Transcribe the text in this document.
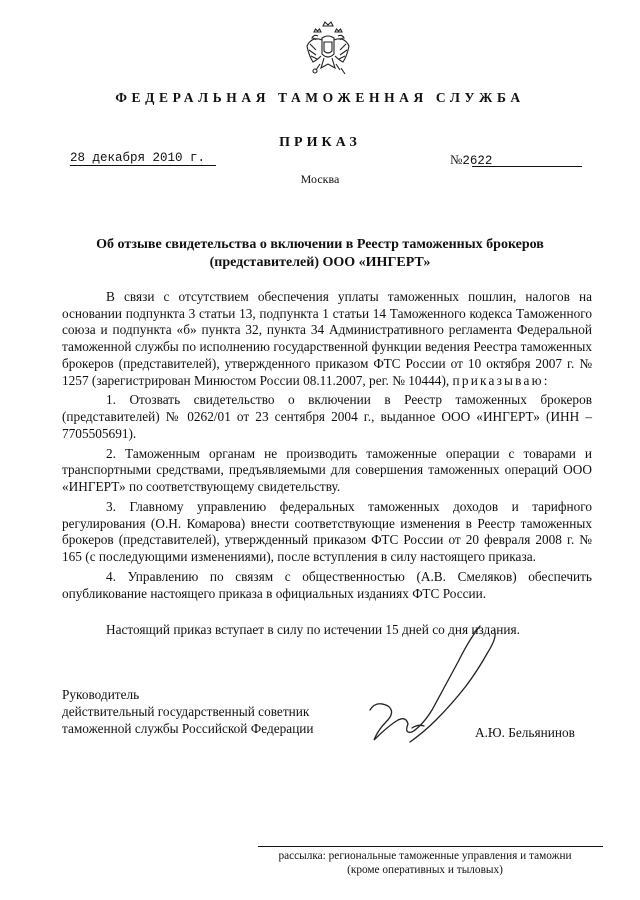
ФЕДЕРАЛЬНАЯ ТАМОЖЕННАЯ СЛУЖБА
ПРИКАЗ
28 декабря 2010 г.	№2622
Москва
Об отзыве свидетельства о включении в Реестр таможенных брокеров
(представителей) ООО «ИНГЕРТ»

В связи с отсутствием обеспечения уплаты таможенных пошлин, налогов на основании подпункта 3 статьи 13, подпункта 1 статьи 14 Таможенного кодекса Таможенного союза и подпункта «б» пункта 32, пункта 34 Административного регламента Федеральной таможенной службы по исполнению государственной функции ведения Реестра таможенных брокеров (представителей), утвержденного приказом ФТС России от 10 октября 2007 г. № 1257 (зарегистрирован Минюстом России 08.11.2007, рег. № 10444), приказываю:

1. Отозвать свидетельство о включении в Реестр таможенных брокеров (представителей) № 0262/01 от 23 сентября 2004 г., выданное ООО «ИНГЕРТ» (ИНН – 7705505691).

2. Таможенным органам не производить таможенные операции с товарами и транспортными средствами, предъявляемыми для совершения таможенных операций ООО «ИНГЕРТ» по соответствующему свидетельству.

3. Главному управлению федеральных таможенных доходов и тарифного регулирования (О.Н. Комарова) внести соответствующие изменения в Реестр таможенных брокеров (представителей), утвержденный приказом ФТС России от 20 февраля 2008 г. № 165 (с последующими изменениями), после вступления в силу настоящего приказа.

4. Управлению по связям с общественностью (А.В. Смеляков) обеспечить опубликование настоящего приказа в официальных изданиях ФТС России.

Настоящий приказ вступает в силу по истечении 15 дней со дня издания.

Руководитель
действительный государственный советник
таможенной службы Российской Федерации	А.Ю. Бельянинов
рассылка: региональные таможенные управления и таможни
(кроме оперативных и тыловых)
